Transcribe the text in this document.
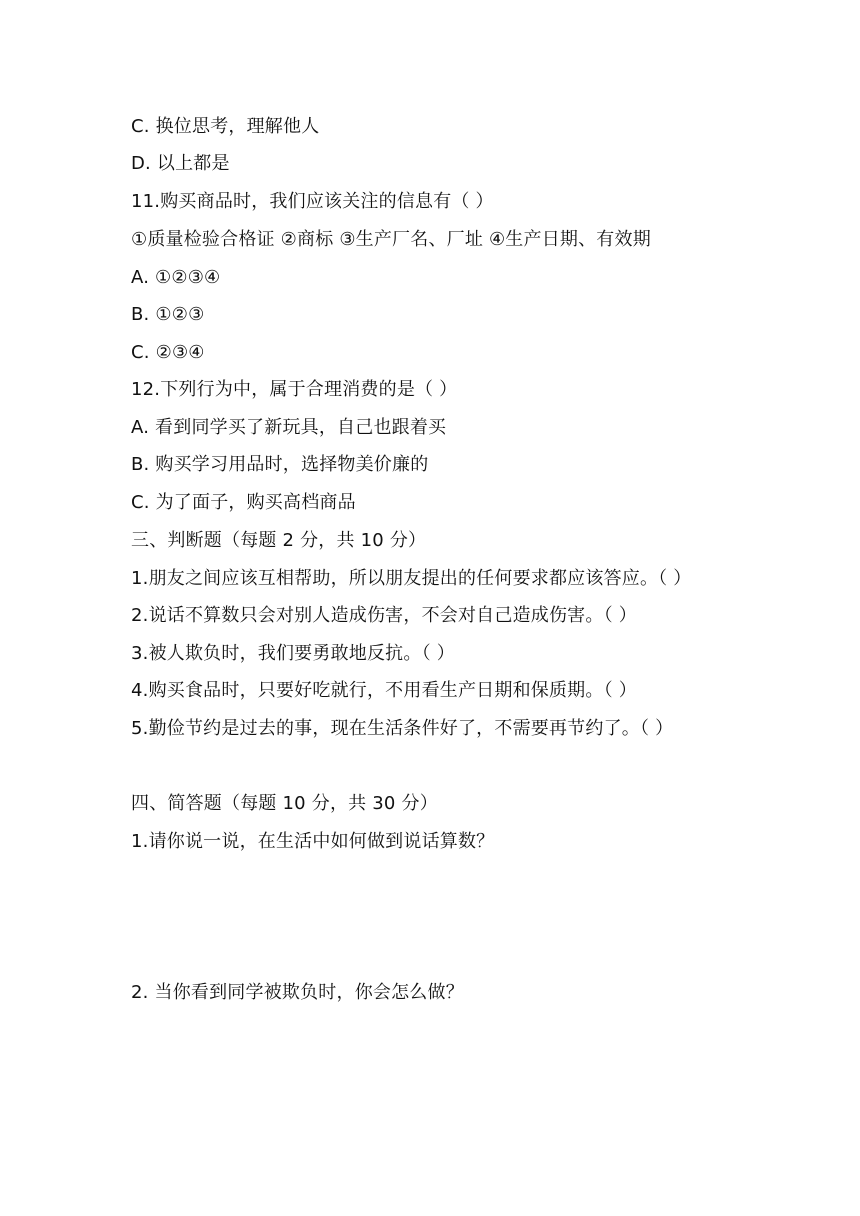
C. 换位思考，理解他人
D. 以上都是
11.购买商品时，我们应该关注的信息有（ ）
①质量检验合格证 ②商标 ③生产厂名、厂址 ④生产日期、有效期
A. ①②③④
B. ①②③
C. ②③④
12.下列行为中，属于合理消费的是（ ）
A. 看到同学买了新玩具，自己也跟着买
B. 购买学习用品时，选择物美价廉的
C. 为了面子，购买高档商品
三、判断题（每题 2 分，共 10 分）
1.朋友之间应该互相帮助，所以朋友提出的任何要求都应该答应。（ ）
2.说话不算数只会对别人造成伤害，不会对自己造成伤害。（ ）
3.被人欺负时，我们要勇敢地反抗。（ ）
4.购买食品时，只要好吃就行，不用看生产日期和保质期。（ ）
5.勤俭节约是过去的事，现在生活条件好了，不需要再节约了。（ ）
四、简答题（每题 10 分，共 30 分）
1.请你说一说，在生活中如何做到说话算数？
2. 当你看到同学被欺负时，你会怎么做？
